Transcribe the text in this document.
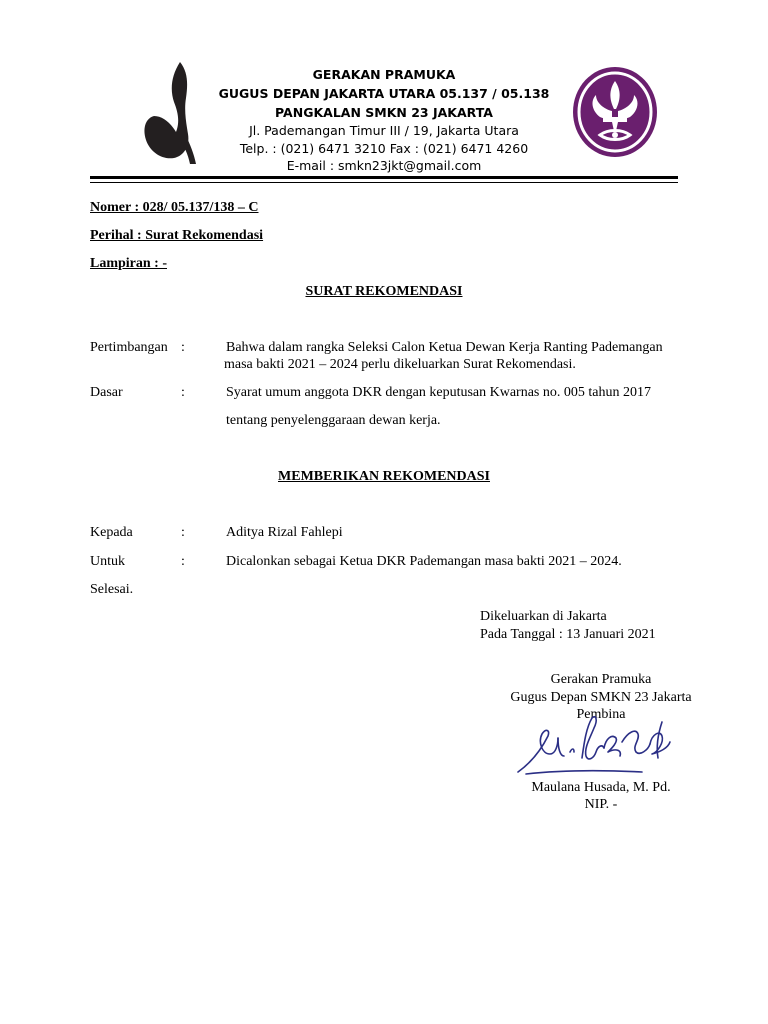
GERAKAN PRAMUKA
GUGUS DEPAN JAKARTA UTARA 05.137 / 05.138
PANGKALAN SMKN 23 JAKARTA
Jl. Pademangan Timur III / 19, Jakarta Utara
Telp. : (021) 6471 3210 Fax : (021) 6471 4260
E-mail : smkn23jkt@gmail.com
Nomer : 028/ 05.137/138 – C
Perihal : Surat Rekomendasi
Lampiran : -
SURAT REKOMENDASI
Pertimbangan :	Bahwa dalam rangka Seleksi Calon Ketua Dewan Kerja Ranting Pademangan
masa bakti 2021 – 2024 perlu dikeluarkan Surat Rekomendasi.
Dasar	:	Syarat umum anggota DKR dengan keputusan Kwarnas no. 005 tahun 2017
tentang penyelenggaraan dewan kerja.
MEMBERIKAN REKOMENDASI
Kepada	:	Aditya Rizal Fahlepi
Untuk	:	Dicalonkan sebagai Ketua DKR Pademangan masa bakti 2021 – 2024.
Selesai.
Dikeluarkan di Jakarta
Pada Tanggal : 13 Januari 2021
Gerakan Pramuka
Gugus Depan SMKN 23 Jakarta
Pembina
Maulana Husada, M. Pd.
NIP. -
